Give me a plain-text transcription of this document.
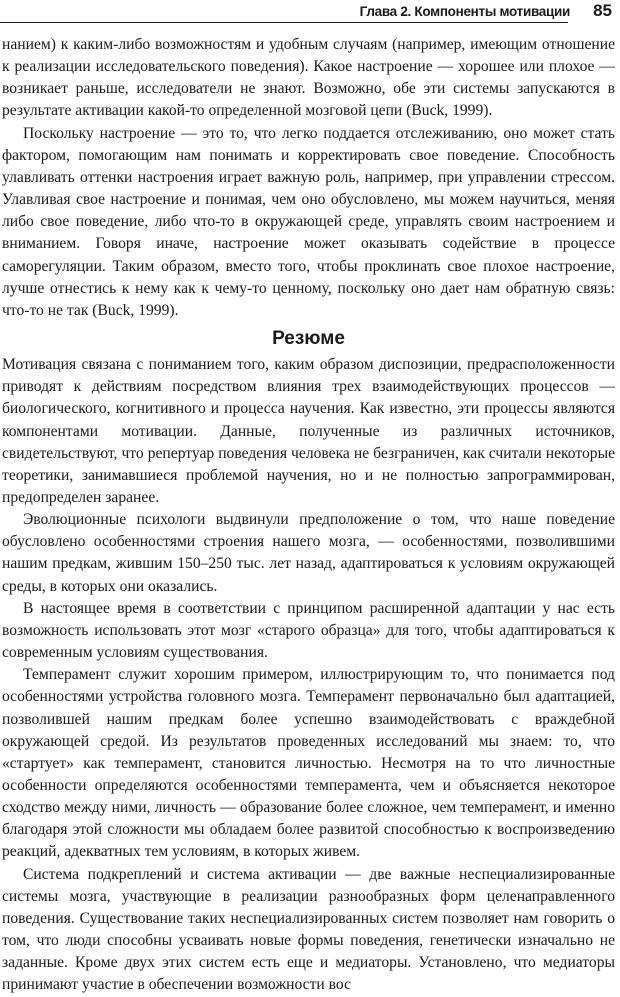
Глава 2. Компоненты мотивации 85

нанием) к каким-либо возможностям и удобным случаям (например, имеющим отношение к реализации исследовательского поведения). Какое настроение — хорошее или плохое — возникает раньше, исследователи не знают. Возможно, обе эти системы запускаются в результате активации какой-то определенной мозговой цепи (Buck, 1999).

Поскольку настроение — это то, что легко поддается отслеживанию, оно может стать фактором, помогающим нам понимать и корректировать свое поведение. Способность улавливать оттенки настроения играет важную роль, например, при управлении стрессом. Улавливая свое настроение и понимая, чем оно обусловлено, мы можем научиться, меняя либо свое поведение, либо что-то в окружающей среде, управлять своим настроением и вниманием. Говоря иначе, настроение может оказывать содействие в процессе саморегуляции. Таким образом, вместо того, чтобы проклинать свое плохое настроение, лучше отнестись к нему как к чему-то ценному, поскольку оно дает нам обратную связь: что-то не так (Buck, 1999).

Резюме

Мотивация связана с пониманием того, каким образом диспозиции, предрасположенности приводят к действиям посредством влияния трех взаимодействующих процессов — биологического, когнитивного и процесса научения. Как известно, эти процессы являются компонентами мотивации. Данные, полученные из различных источников, свидетельствуют, что репертуар поведения человека не безграничен, как считали некоторые теоретики, занимавшиеся проблемой научения, но и не полностью запрограммирован, предопределен заранее.

Эволюционные психологи выдвинули предположение о том, что наше поведение обусловлено особенностями строения нашего мозга, — особенностями, позволившими нашим предкам, жившим 150–250 тыс. лет назад, адаптироваться к условиям окружающей среды, в которых они оказались.

В настоящее время в соответствии с принципом расширенной адаптации у нас есть возможность использовать этот мозг «старого образца» для того, чтобы адаптироваться к современным условиям существования.

Темперамент служит хорошим примером, иллюстрирующим то, что понимается под особенностями устройства головного мозга. Темперамент первоначально был адаптацией, позволившей нашим предкам более успешно взаимодействовать с враждебной окружающей средой. Из результатов проведенных исследований мы знаем: то, что «стартует» как темперамент, становится личностью. Несмотря на то что личностные особенности определяются особенностями темперамента, чем и объясняется некоторое сходство между ними, личность — образование более сложное, чем темперамент, и именно благодаря этой сложности мы обладаем более развитой способностью к воспроизведению реакций, адекватных тем условиям, в которых живем.

Система подкреплений и система активации — две важные неспециализированные системы мозга, участвующие в реализации разнообразных форм целенаправленного поведения. Существование таких неспециализированных систем позволяет нам говорить о том, что люди способны усваивать новые формы поведения, генетически изначально не заданные. Кроме двух этих систем есть еще и медиаторы. Установлено, что медиаторы принимают участие в обеспечении возможности вос
